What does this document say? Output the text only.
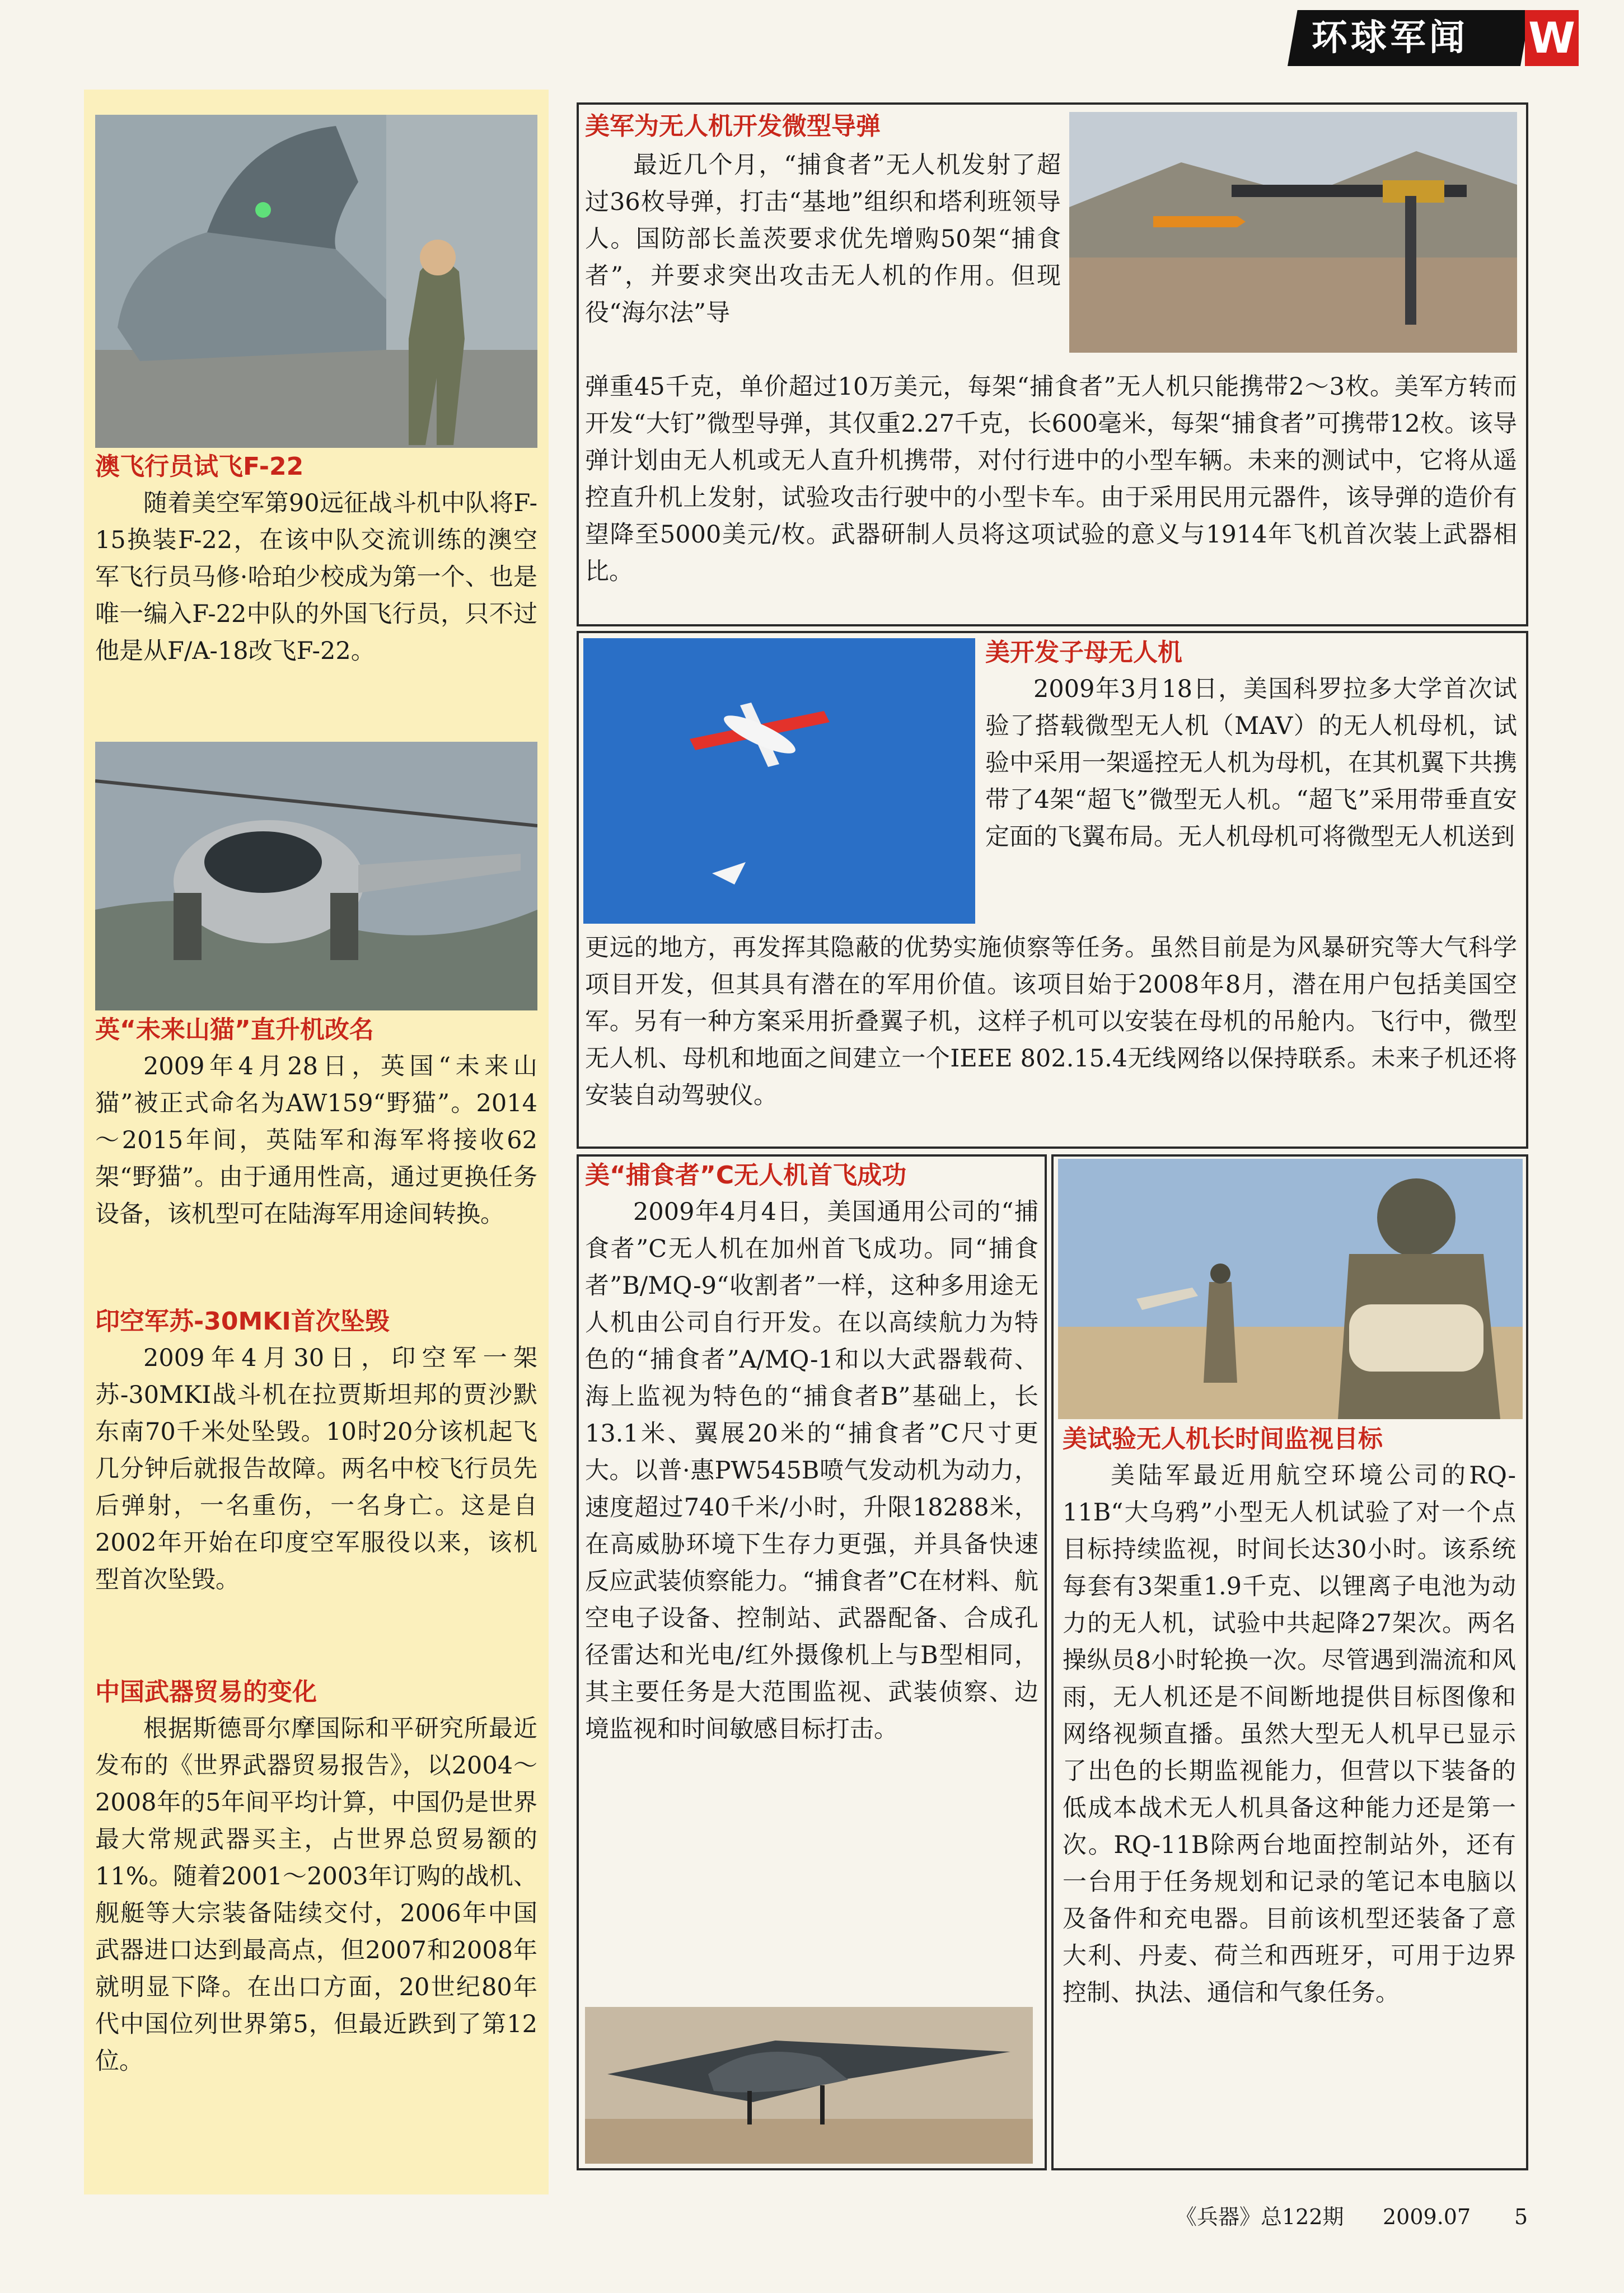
环球军闻	W
澳飞行员试飞F-22

随着美空军第90远征战斗机中队将F-15换装F-22，在该中队交流训练的澳空军飞行员马修·哈珀少校成为第一个、也是唯一编入F-22中队的外国飞行员，只不过他是从F/A-18改飞F-22。

英“未来山猫”直升机改名

2009年4月28日，英国“未来山猫”被正式命名为AW159“野猫”。2014～2015年间，英陆军和海军将接收62架“野猫”。由于通用性高，通过更换任务设备，该机型可在陆海军用途间转换。

印空军苏-30MKI首次坠毁

2009年4月30日，印空军一架苏-30MKI战斗机在拉贾斯坦邦的贾沙默东南70千米处坠毁。10时20分该机起飞几分钟后就报告故障。两名中校飞行员先后弹射，一名重伤，一名身亡。这是自2002年开始在印度空军服役以来，该机型首次坠毁。

中国武器贸易的变化

根据斯德哥尔摩国际和平研究所最近发布的《世界武器贸易报告》，以2004～2008年的5年间平均计算，中国仍是世界最大常规武器买主，占世界总贸易额的11%。随着2001～2003年订购的战机、舰艇等大宗装备陆续交付，2006年中国武器进口达到最高点，但2007和2008年就明显下降。在出口方面，20世纪80年代中国位列世界第5，但最近跌到了第12位。

美军为无人机开发微型导弹

最近几个月，“捕食者”无人机发射了超过36枚导弹，打击“基地”组织和塔利班领导人。国防部长盖茨要求优先增购50架“捕食者”，并要求突出攻击无人机的作用。但现役“海尔法”导

弹重45千克，单价超过10万美元，每架“捕食者”无人机只能携带2～3枚。美军方转而开发“大钉”微型导弹，其仅重2.27千克，长600毫米，每架“捕食者”可携带12枚。该导弹计划由无人机或无人直升机携带，对付行进中的小型车辆。未来的测试中，它将从遥控直升机上发射，试验攻击行驶中的小型卡车。由于采用民用元器件，该导弹的造价有望降至5000美元/枚。武器研制人员将这项试验的意义与1914年飞机首次装上武器相比。

美开发子母无人机

2009年3月18日，美国科罗拉多大学首次试验了搭载微型无人机（MAV）的无人机母机，试验中采用一架遥控无人机为母机，在其机翼下共携带了4架“超飞”微型无人机。“超飞”采用带垂直安定面的飞翼布局。无人机母机可将微型无人机送到

更远的地方，再发挥其隐蔽的优势实施侦察等任务。虽然目前是为风暴研究等大气科学项目开发，但其具有潜在的军用价值。该项目始于2008年8月，潜在用户包括美国空军。另有一种方案采用折叠翼子机，这样子机可以安装在母机的吊舱内。飞行中，微型无人机、母机和地面之间建立一个IEEE 802.15.4无线网络以保持联系。未来子机还将安装自动驾驶仪。

美“捕食者”C无人机首飞成功

2009年4月4日，美国通用公司的“捕食者”C无人机在加州首飞成功。同“捕食者”B/MQ-9“收割者”一样，这种多用途无人机由公司自行开发。在以高续航力为特色的“捕食者”A/MQ-1和以大武器载荷、海上监视为特色的“捕食者B”基础上，长13.1米、翼展20米的“捕食者”C尺寸更大。以普·惠PW545B喷气发动机为动力，速度超过740千米/小时，升限18288米，在高威胁环境下生存力更强，并具备快速反应武装侦察能力。“捕食者”C在材料、航空电子设备、控制站、武器配备、合成孔径雷达和光电/红外摄像机上与B型相同，其主要任务是大范围监视、武装侦察、边境监视和时间敏感目标打击。

美试验无人机长时间监视目标

美陆军最近用航空环境公司的RQ-11B“大乌鸦”小型无人机试验了对一个点目标持续监视，时间长达30小时。该系统每套有3架重1.9千克、以锂离子电池为动力的无人机，试验中共起降27架次。两名操纵员8小时轮换一次。尽管遇到湍流和风雨，无人机还是不间断地提供目标图像和网络视频直播。虽然大型无人机早已显示了出色的长期监视能力，但营以下装备的低成本战术无人机具备这种能力还是第一次。RQ-11B除两台地面控制站外，还有一台用于任务规划和记录的笔记本电脑以及备件和充电器。目前该机型还装备了意大利、丹麦、荷兰和西班牙，可用于边界控制、执法、通信和气象任务。

《兵器》总122期 2009.07 5
